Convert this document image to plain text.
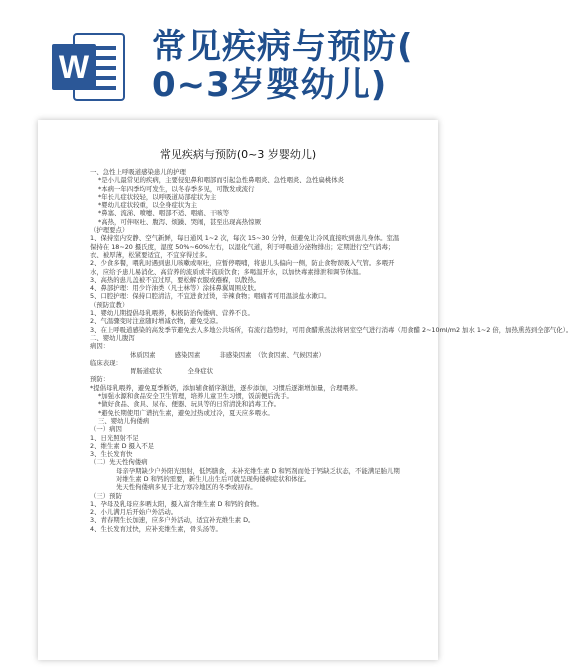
W 常见疾病与预防(
0~3岁婴幼儿)
常见疾病与预防(0~3 岁婴幼儿)
一、急性上呼吸道感染患儿的护理
*是小儿最常见的疾病，主要侵犯鼻和咽部而引起急性鼻咽炎、急性咽炎、急性扁桃体炎
*本病一年四季均可发生，以冬春季多见，可散发或流行
*年长儿症状较轻，以呼吸道局部症状为主
*婴幼儿症状较重，以全身症状为主
*鼻塞、流涕、喷嚏、咽部不适、咽痛、干咳等
*高热，可伴呕吐、腹泻、烦躁、哭闹，甚至出现高热惊厥
（护理要点）
1、保持室内安静、空气新鲜，每日通风 1~2 次，每次 15~30 分钟，但避免让冷风直接吹到患儿身体。室温保持在 18~20 摄氏度，湿度 50%~60%左右，以湿化气道，利于呼吸道分泌物排出；定期进行空气消毒；衣、被厚薄，松紧要适宜，不宜穿得过多。
2、少食多餐，喂乳时遇到患儿咳嗽或呕吐，应暂停喂哺，将患儿头偏向一侧，防止食物误吸入气管。多喂开水，应给予患儿易消化、高营养的流质或半流质饮食；多喝温开水，以加快毒素排泄和调节体温。
3、高热的患儿盖被不宜过厚，要松解衣服或襁褓，以散热。
4、鼻部护理：用少许油类（凡士林等）涂抹鼻翼周围皮肤。
5、口腔护理：保持口腔清洁，不宜进食过烫，辛辣食物；咽痛者可用温淡盐水漱口。
（预防宣教）
1、婴幼儿期提倡母乳喂养，积极防治佝偻病、营养不良。
2、气温骤变时注意随时增减衣物，避免受凉。
3、在上呼吸道感染的高发季节避免去人多地公共场所，有流行趋势时，可用食醋熏蒸法将居室空气进行消毒（用食醋 2~10ml/m2 加水 1~2 倍，加热熏蒸到全部气化）。
二、婴幼儿腹泻
病因：
体质因素　　　感染因素　　　非感染因素　（饮食因素、气候因素）
临床表现：
胃肠道症状　　　　全身症状
预防：
*提倡母乳喂养，避免夏季断奶，添加辅食循序渐进，逐步添加，习惯后逐渐增加量，合理喂养。
*加强水源和食品安全卫生管理，培养儿童卫生习惯，饭前便后洗手。
*做好食品、食具、尿布、便器、玩具等的日常清洗和消毒工作。
*避免长期使用广谱抗生素，避免过热或过冷，夏天应多喂水。
三、婴幼儿佝偻病
（一）病因
1、日光照射不足
2、维生素 D 摄入不足
3、生长发育快
（二）先天性佝偻病
母亲孕期缺少户外阳光照射，低钙膳食，未补充维生素 D 和钙剂而处于钙缺乏状态，不能满足胎儿期对维生素 D 和钙的需要，新生儿出生后可就呈现佝偻病症状和体征。
先天性佝偻病多见于北方寒冷地区的冬季或初春。
（三）预防
1、孕母及乳母应多晒太阳，摄入富含维生素 D 和钙的食物。
2、小儿满月后开始户外活动。
3、青春期生长加速，应多户外活动，适宜补充维生素 D。
4、生长发育过快，应补充维生素，骨头汤等。
